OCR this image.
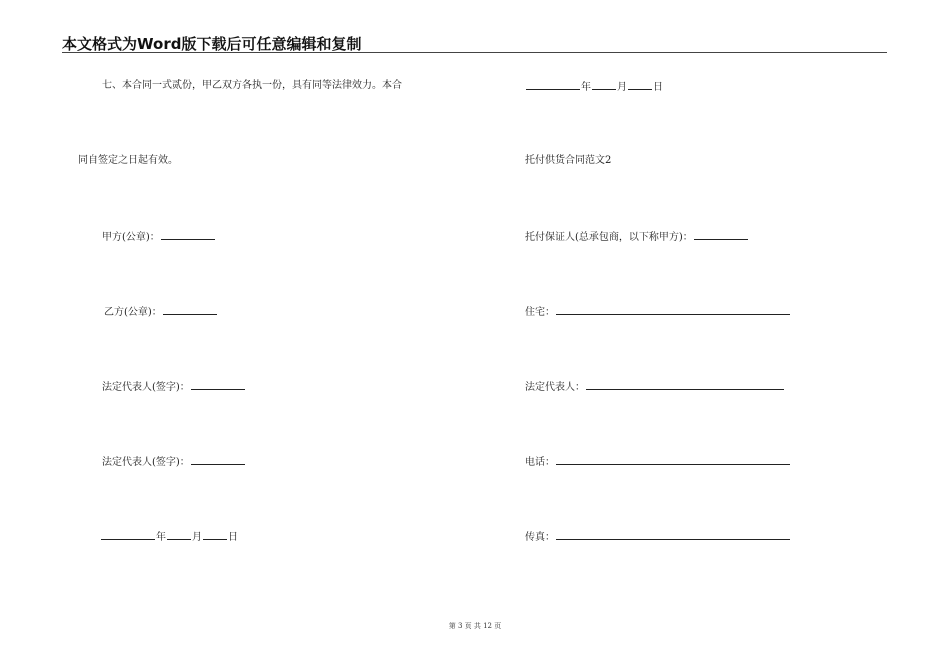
本文格式为Word版下载后可任意编辑和复制
七、本合同一式贰份，甲乙双方各执一份，具有同等法律效力。本合
同自签定之日起有效。
甲方(公章)：
乙方(公章)：
法定代表人(签字)：
法定代表人(签字)：
年	月	日
年	月	日
托付供货合同范文2
托付保证人(总承包商，以下称甲方)：
住宅：
法定代表人：
电话：
传真：
第 3 页 共 12 页
